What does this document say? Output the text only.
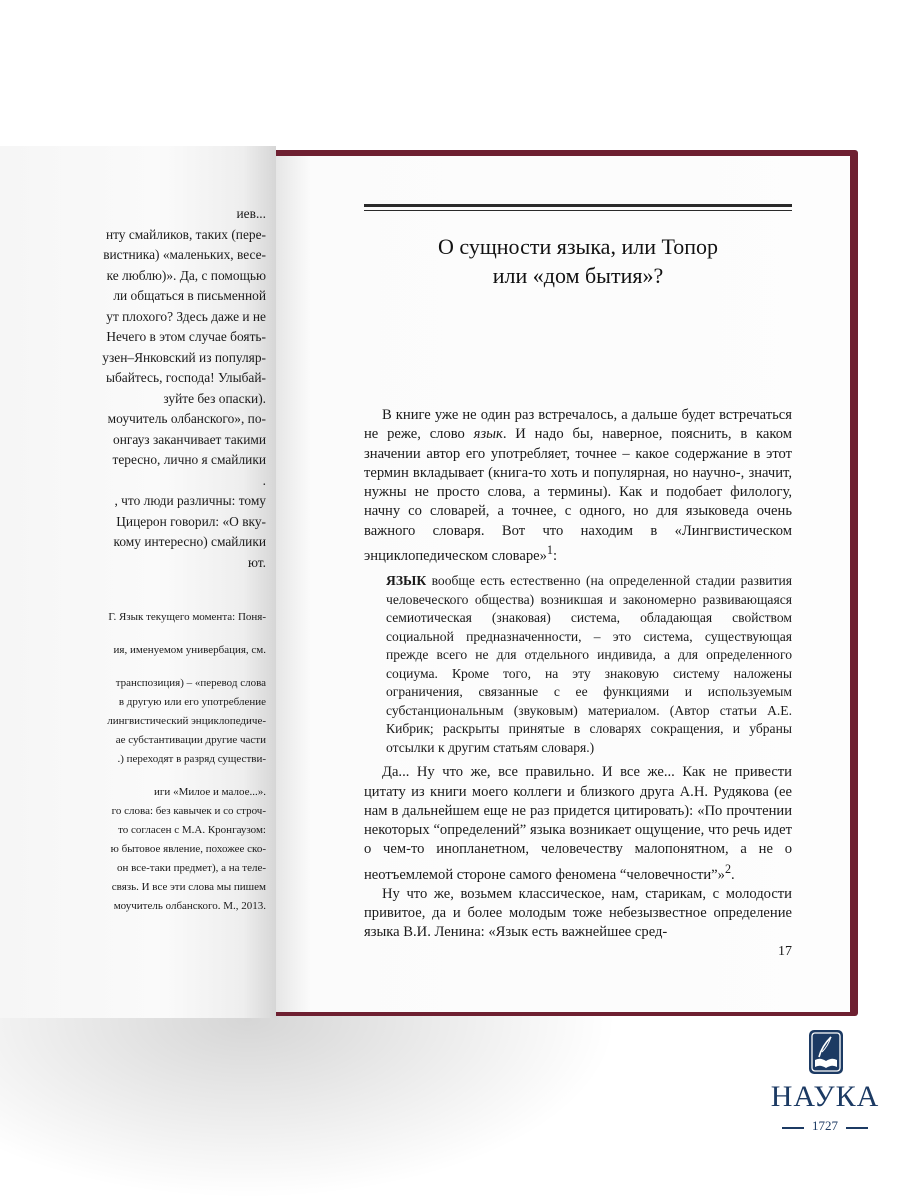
иев...
нту смайликов, таких (пере-
вистника) «маленьких, весе-
ке люблю)». Да, с помощью
ли общаться в письменной
ут плохого? Здесь даже и не
Нечего в этом случае боять-
узен–Янковский из популяр-
ыбайтесь, господа! Улыбай-
зуйте без опаски).
моучитель олбанского», по-
онгауз заканчивает такими
тересно, лично я смайлики
.
, что люди различны: тому
Цицерон говорил: «О вку-
кому интересно) смайлики
ют.
Г. Язык текущего момента: Поня-
ия, именуемом универбация, см.
транспозиция) – «перевод слова
в другую или его употребление
лингвистический энциклопедиче-
ае субстантивации другие части
.) переходят в разряд существи-
иги «Милое и малое...».
го слова: без кавычек и со строч-
то согласен с М.А. Кронгаузом:
ю бытовое явление, похожее ско-
он все-таки предмет), а на теле-
связь. И все эти слова мы пишем
моучитель олбанского. М., 2013.
О сущности языка, или Топор
или «дом бытия»?

В книге уже не один раз встречалось, а дальше будет встречаться не реже, слово язык. И надо бы, наверное, пояснить, в каком значении автор его употребляет, точнее – какое содержание в этот термин вкладывает (книга-то хоть и популярная, но научно-, значит, нужны не просто слова, а термины). Как и подобает филологу, начну со словарей, а точнее, с одного, но для языковеда очень важного словаря. Вот что находим в «Лингвистическом энциклопедическом словаре»$^1$:

ЯЗЫК вообще есть естественно (на определенной стадии развития человеческого общества) возникшая и закономерно развивающаяся семиотическая (знаковая) система, обладающая свойством социальной предназначенности, – это система, существующая прежде всего не для отдельного индивида, а для определенного социума. Кроме того, на эту знаковую систему наложены ограничения, связанные с ее функциями и используемым субстанциональным (звуковым) материалом. (Автор статьи А.Е. Кибрик; раскрыты принятые в словарях сокращения, и убраны отсылки к другим статьям словаря.)

Да... Ну что же, все правильно. И все же... Как не привести цитату из книги моего коллеги и близкого друга А.Н. Рудякова (ее нам в дальнейшем еще не раз придется цитировать): «По прочтении некоторых “определений” языка возникает ощущение, что речь идет о чем-то инопланетном, человечеству малопонятном, а не о неотъемлемой стороне самого феномена “человечности”»$^2$.

Ну что же, возьмем классическое, нам, старикам, с молодости привитое, да и более молодым тоже небезызвестное определение языка В.И. Ленина: «Язык есть важнейшее сред-

17
НАУКА
1727
